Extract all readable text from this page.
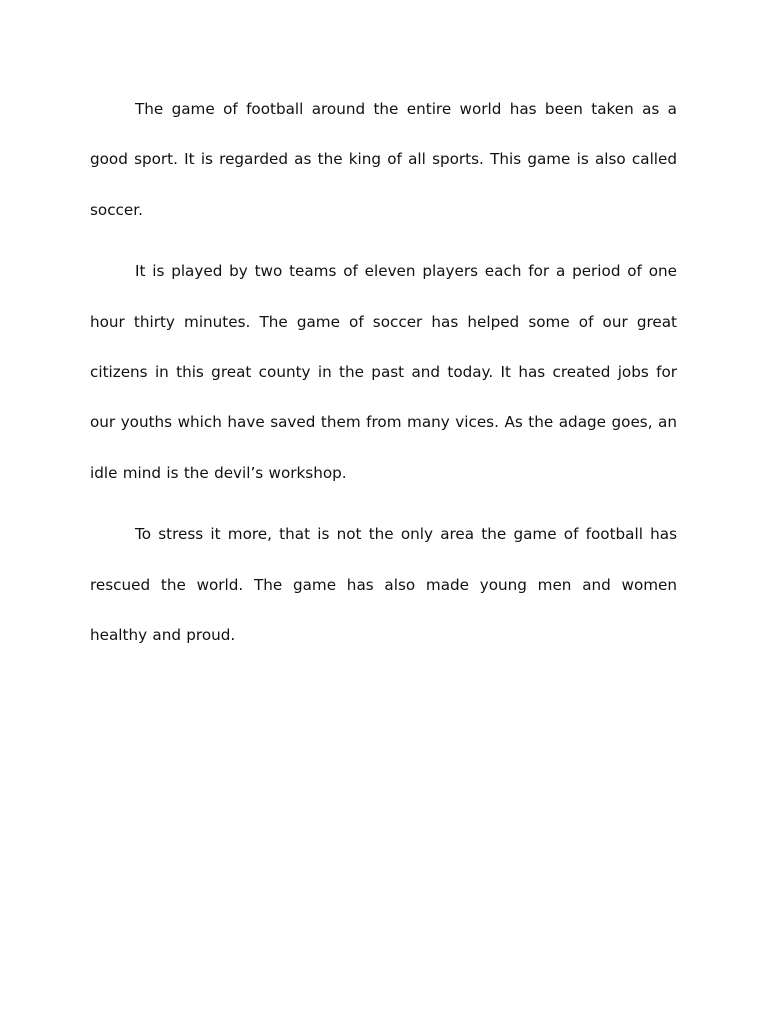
The game of football around the entire world has been taken as a good sport. It is regarded as the king of all sports. This game is also called soccer.

It is played by two teams of eleven players each for a period of one hour thirty minutes. The game of soccer has helped some of our great citizens in this great county in the past and today. It has created jobs for our youths which have saved them from many vices. As the adage goes, an idle mind is the devil’s workshop.

To stress it more, that is not the only area the game of football has rescued the world. The game has also made young men and women healthy and proud.
